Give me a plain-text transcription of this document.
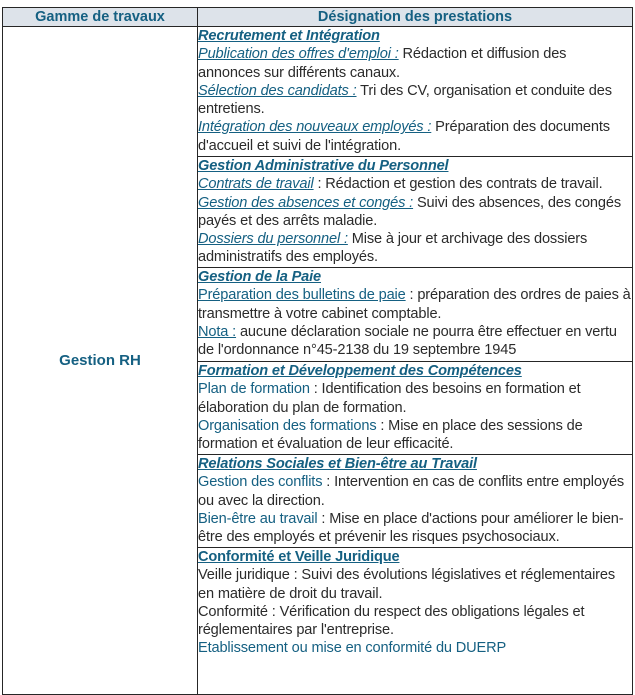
Gamme de travaux	Désignation des prestations
Gestion RH	Recrutement et Intégration
Publication des offres d'emploi : Rédaction et diffusion des annonces sur différents canaux.
Sélection des candidats : Tri des CV, organisation et conduite des entretiens.
Intégration des nouveaux employés : Préparation des documents d'accueil et suivi de l'intégration.

	Gestion Administrative du Personnel
Contrats de travail : Rédaction et gestion des contrats de travail.
Gestion des absences et congés : Suivi des absences, des congés payés et des arrêts maladie.
Dossiers du personnel : Mise à jour et archivage des dossiers administratifs des employés.

	Gestion de la Paie
Préparation des bulletins de paie : préparation des ordres de paies à transmettre à votre cabinet comptable.
Nota : aucune déclaration sociale ne pourra être effectuer en vertu de l'ordonnance n°45-2138 du 19 septembre 1945

	Formation et Développement des Compétences
Plan de formation : Identification des besoins en formation et élaboration du plan de formation.
Organisation des formations : Mise en place des sessions de formation et évaluation de leur efficacité.

	Relations Sociales et Bien-être au Travail
Gestion des conflits : Intervention en cas de conflits entre employés ou avec la direction.
Bien-être au travail : Mise en place d'actions pour améliorer le bien-être des employés et prévenir les risques psychosociaux.

	Conformité et Veille Juridique
Veille juridique : Suivi des évolutions législatives et réglementaires en matière de droit du travail.
Conformité : Vérification du respect des obligations légales et réglementaires par l'entreprise.
Etablissement ou mise en conformité du DUERP
